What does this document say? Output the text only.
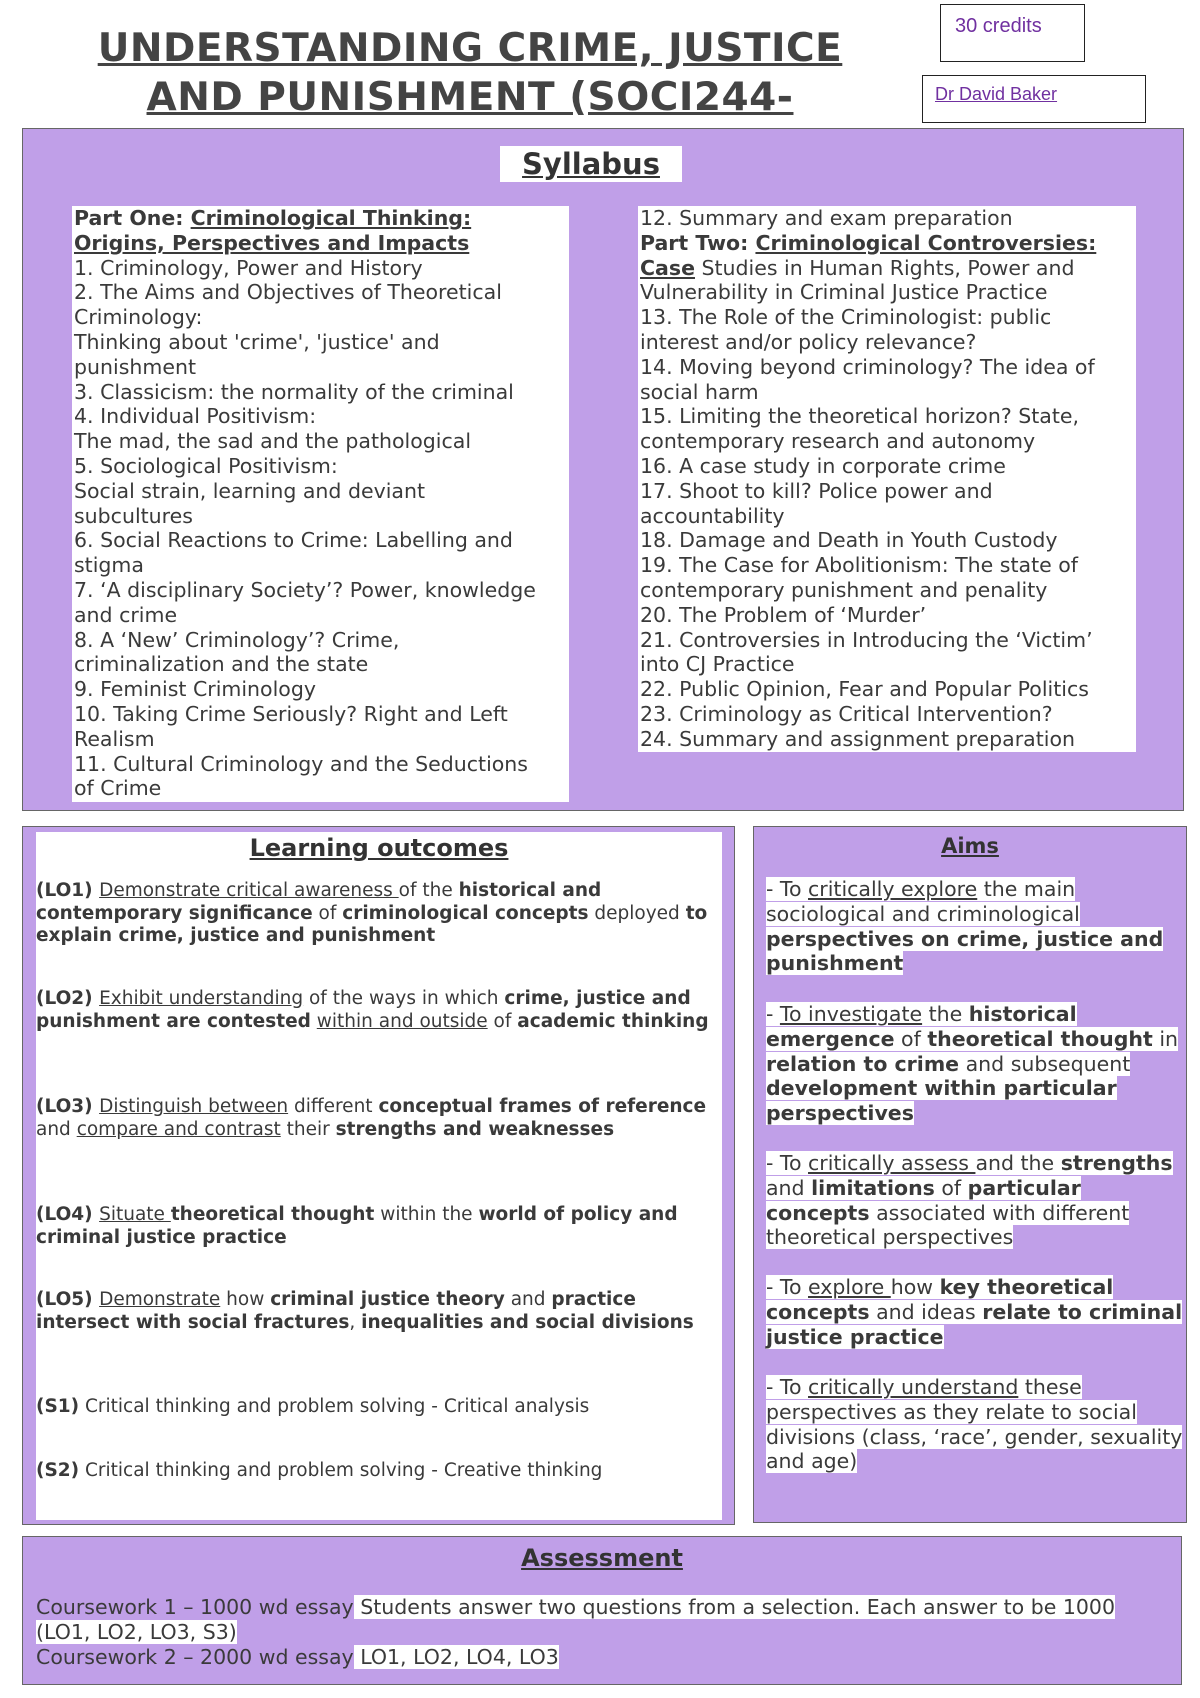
UNDERSTANDING CRIME, JUSTICE
AND PUNISHMENT (SOCI244-
30 credits
Dr David Baker
Syllabus
Part One: Criminological Thinking:
Origins, Perspectives and Impacts
1. Criminology, Power and History
2. The Aims and Objectives of Theoretical
Criminology:
Thinking about 'crime', 'justice' and
punishment
3. Classicism: the normality of the criminal
4. Individual Positivism:
The mad, the sad and the pathological
5. Sociological Positivism:
Social strain, learning and deviant
subcultures
6. Social Reactions to Crime: Labelling and
stigma
7. ‘A disciplinary Society’? Power, knowledge
and crime
8. A ‘New’ Criminology’? Crime,
criminalization and the state
9. Feminist Criminology
10. Taking Crime Seriously? Right and Left
Realism
11. Cultural Criminology and the Seductions
of Crime
12. Summary and exam preparation
Part Two: Criminological Controversies:
Case Studies in Human Rights, Power and
Vulnerability in Criminal Justice Practice
13. The Role of the Criminologist: public
interest and/or policy relevance?
14. Moving beyond criminology? The idea of
social harm
15. Limiting the theoretical horizon? State,
contemporary research and autonomy
16. A case study in corporate crime
17. Shoot to kill? Police power and
accountability
18. Damage and Death in Youth Custody
19. The Case for Abolitionism: The state of
contemporary punishment and penality
20. The Problem of ‘Murder’
21. Controversies in Introducing the ‘Victim’
into CJ Practice
22. Public Opinion, Fear and Popular Politics
23. Criminology as Critical Intervention?
24. Summary and assignment preparation
Learning outcomes
(LO1) Demonstrate critical awareness of the historical and contemporary significance of criminological concepts deployed to explain crime, justice and punishment
(LO2) Exhibit understanding of the ways in which crime, justice and punishment are contested within and outside of academic thinking
(LO3) Distinguish between different conceptual frames of reference and compare and contrast their strengths and weaknesses
(LO4) Situate theoretical thought within the world of policy and criminal justice practice
(LO5) Demonstrate how criminal justice theory and practice intersect with social fractures, inequalities and social divisions
(S1) Critical thinking and problem solving - Critical analysis
(S2) Critical thinking and problem solving - Creative thinking
Aims
- To critically explore the main sociological and criminological perspectives on crime, justice and punishment
- To investigate the historical emergence of theoretical thought in relation to crime and subsequent development within particular perspectives
- To critically assess and the strengths and limitations of particular concepts associated with different theoretical perspectives
- To explore how key theoretical concepts and ideas relate to criminal justice practice
- To critically understand these perspectives as they relate to social divisions (class, ‘race’, gender, sexuality and age)
Assessment
Coursework 1 – 1000 wd essay Students answer two questions from a selection. Each answer to be 1000
(LO1, LO2, LO3, S3)
Coursework 2 – 2000 wd essay LO1, LO2, LO4, LO3
